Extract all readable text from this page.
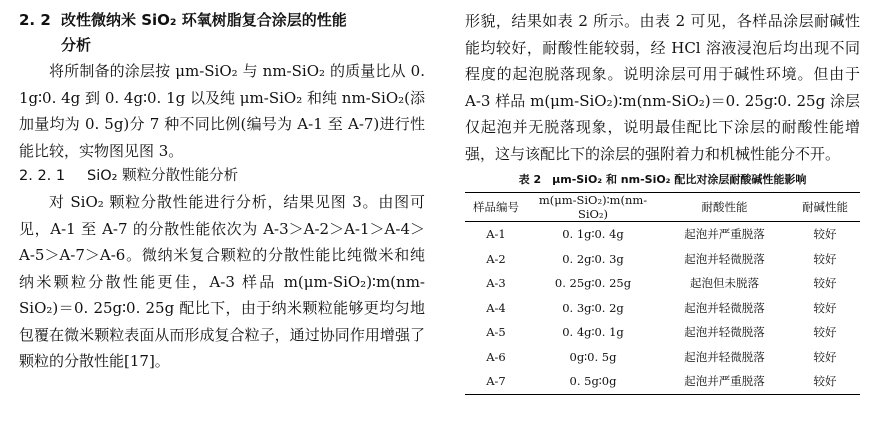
2. 2 改性微纳米 SiO₂ 环氧树脂复合涂层的性能
分析

将所制备的涂层按 μm-SiO₂ 与 nm-SiO₂ 的质量比从 0. 1g∶0. 4g 到 0. 4g∶0. 1g 以及纯 μm-SiO₂ 和纯 nm-SiO₂(添加量均为 0. 5g)分 7 种不同比例(编号为 A-1 至 A-7)进行性能比较，实物图见图 3。

2. 2. 1 SiO₂ 颗粒分散性能分析

对 SiO₂ 颗粒分散性能进行分析，结果见图 3。由图可见，A-1 至 A-7 的分散性能依次为 A-3＞A-2＞A-1＞A-4＞A-5＞A-7＞A-6。微纳米复合颗粒的分散性能比纯微米和纯纳米颗粒分散性能更佳，A-3 样品 m(μm-SiO₂)∶m(nm-SiO₂)＝0. 25g∶0. 25g 配比下，由于纳米颗粒能够更均匀地包覆在微米颗粒表面从而形成复合粒子，通过协同作用增强了颗粒的分散性能[17]。

形貌，结果如表 2 所示。由表 2 可见，各样品涂层耐碱性能均较好，耐酸性能较弱，经 HCl 溶液浸泡后均出现不同程度的起泡脱落现象。说明涂层可用于碱性环境。但由于 A-3 样品 m(μm-SiO₂)∶m(nm-SiO₂)＝0. 25g∶0. 25g 涂层仅起泡并无脱落现象，说明最佳配比下涂层的耐酸性能增强，这与该配比下的涂层的强附着力和机械性能分不开。

表 2　μm-SiO₂ 和 nm-SiO₂ 配比对涂层耐酸碱性能影响
样品编号	m(μm-SiO₂)∶m(nm-SiO₂)	耐酸性能	耐碱性能
A-1	0. 1g∶0. 4g	起泡并严重脱落	较好
A-2	0. 2g∶0. 3g	起泡并轻微脱落	较好
A-3	0. 25g∶0. 25g	起泡但未脱落	较好
A-4	0. 3g∶0. 2g	起泡并轻微脱落	较好
A-5	0. 4g∶0. 1g	起泡并轻微脱落	较好
A-6	0g∶0. 5g	起泡并轻微脱落	较好
A-7	0. 5g∶0g	起泡并严重脱落	较好
